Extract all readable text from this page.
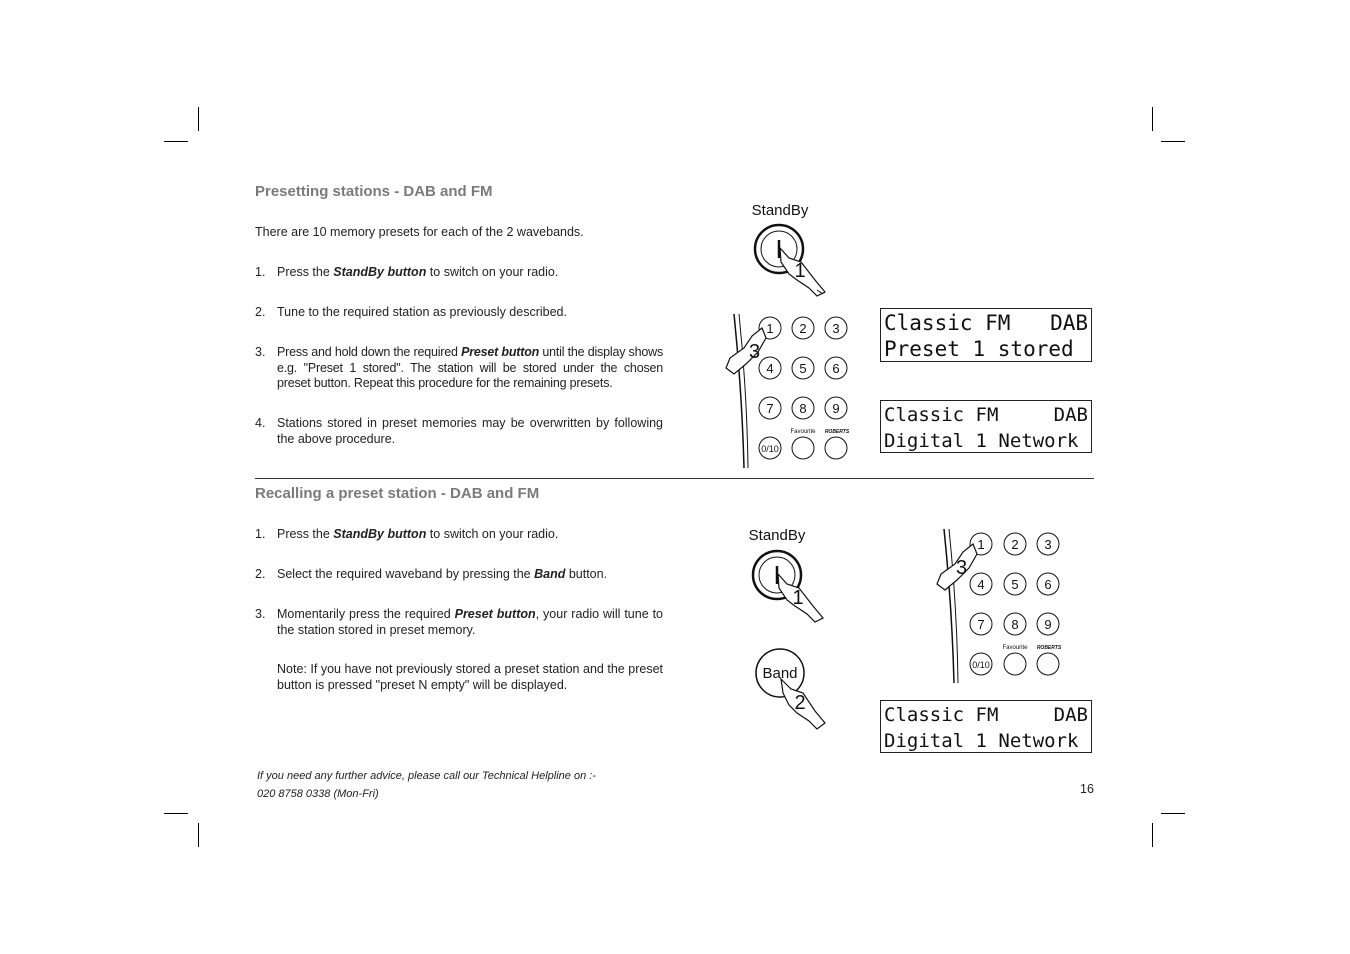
Presetting stations - DAB and FM
There are 10 memory presets for each of the 2 wavebands.
1. Press the StandBy button to switch on your radio.
2. Tune to the required station as previously described.
3. Press and hold down the required Preset button until the display shows e.g. "Preset 1 stored". The station will be stored under the chosen preset button. Repeat this procedure for the remaining presets.
4. Stations stored in preset memories may be overwritten by following the above procedure.
Recalling a preset station - DAB and FM
1. Press the StandBy button to switch on your radio.
2. Select the required waveband by pressing the Band button.
3. Momentarily press the required Preset button, your radio will tune to the station stored in preset memory.
Note: If you have not previously stored a preset station and the preset button is pressed "preset N empty" will be displayed.
StandBy
1
1 2 3
4 5 6
7 8 9
0/10
Favourite ROBERTS
3
Classic FM DAB
Preset 1 stored
Classic FM	DAB
Digital 1 Network
StandBy
1
Band
2
1 2 3
4 5 6
7 8 9
0/10
Favourite ROBERTS
3
Classic FM	DAB
Digital 1 Network
If you need any further advice, please call our Technical Helpline on :-
020 8758 0338 (Mon-Fri)	16
